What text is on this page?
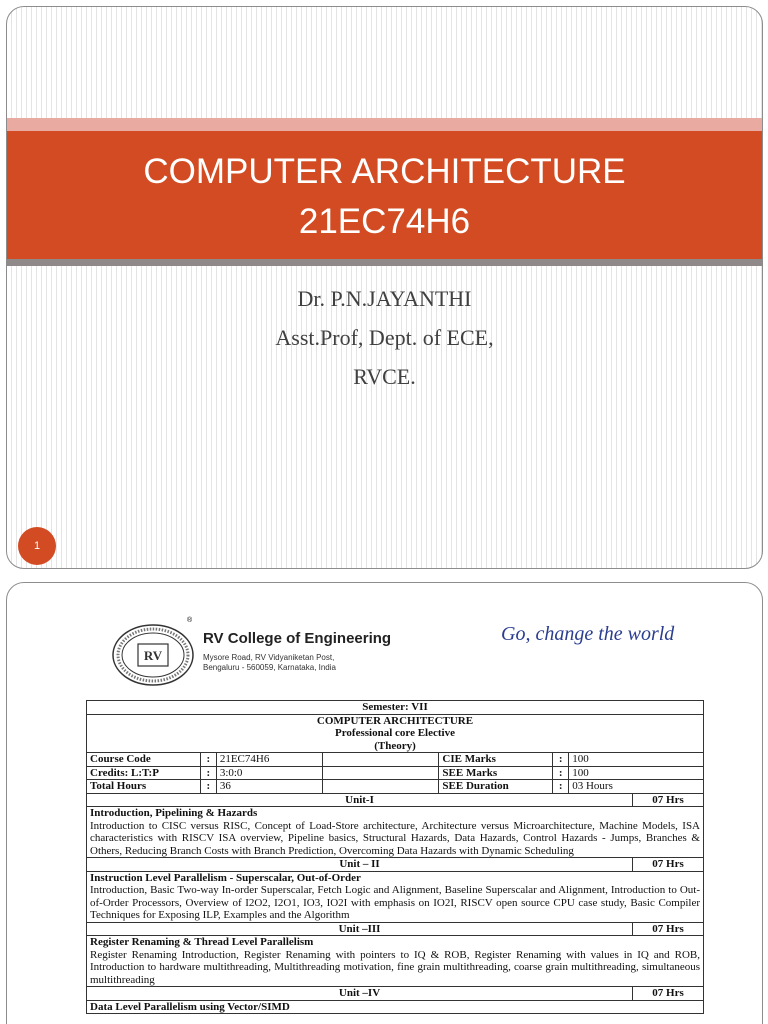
COMPUTER ARCHITECTURE
21EC74H6
Dr. P.N.JAYANTHI
Asst.Prof, Dept. of ECE,
RVCE.
1
RV
®
RV College of Engineering
Mysore Road, RV Vidyaniketan Post,
Bengaluru - 560059, Karnataka, India
Go, change the world
Semester: VII							

COMPUTER ARCHITECTURE
Professional core Elective
(Theory)							

Course Code	:	21EC74H6		CIE Marks	:	100	
Credits: L:T:P	:	3:0:0		SEE Marks	:	100	
Total Hours	:	36		SEE Duration	:	03 Hours	
Unit-I							07 Hrs

Introduction, Pipelining & Hazards
Introduction to CISC versus RISC, Concept of Load-Store architecture, Architecture versus Microarchitecture, Machine Models, ISA characteristics with RISCV ISA overview, Pipeline basics, Structural Hazards, Data Hazards, Control Hazards - Jumps, Branches & Others, Reducing Branch Costs with Branch Prediction, Overcoming Data Hazards with Dynamic Scheduling							

Unit – II							07 Hrs

Instruction Level Parallelism - Superscalar, Out-of-Order
Introduction, Basic Two-way In-order Superscalar, Fetch Logic and Alignment, Baseline Superscalar and Alignment, Introduction to Out-of-Order Processors, Overview of I2O2, I2O1, IO3, IO2I with emphasis on IO2I, RISCV open source CPU case study, Basic Compiler Techniques for Exposing ILP, Examples and the Algorithm							

Unit –III							07 Hrs

Register Renaming & Thread Level Parallelism
Register Renaming Introduction, Register Renaming with pointers to IQ & ROB, Register Renaming with values in IQ and ROB, Introduction to hardware multithreading, Multithreading motivation, fine grain multithreading, coarse grain multithreading, simultaneous multithreading							

Unit –IV							07 Hrs

Data Level Parallelism using Vector/SIMD							
